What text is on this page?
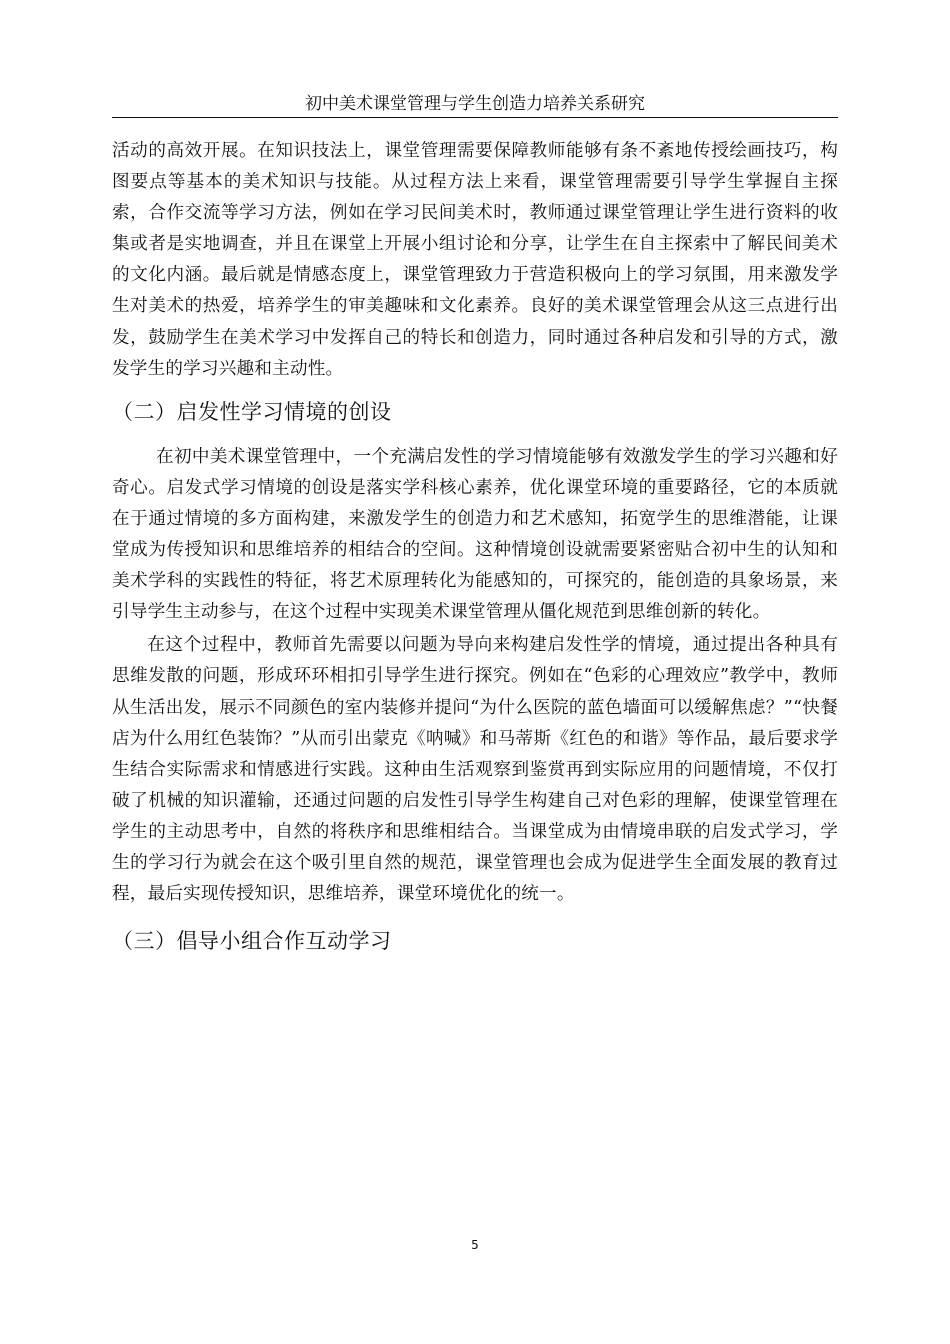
初中美术课堂管理与学生创造力培养关系研究

活动的高效开展。在知识技法上，课堂管理需要保障教师能够有条不紊地传授绘画技巧，构图要点等基本的美术知识与技能。从过程方法上来看，课堂管理需要引导学生掌握自主探索，合作交流等学习方法，例如在学习民间美术时，教师通过课堂管理让学生进行资料的收集或者是实地调查，并且在课堂上开展小组讨论和分享，让学生在自主探索中了解民间美术的文化内涵。最后就是情感态度上，课堂管理致力于营造积极向上的学习氛围，用来激发学生对美术的热爱，培养学生的审美趣味和文化素养。良好的美术课堂管理会从这三点进行出发，鼓励学生在美术学习中发挥自己的特长和创造力，同时通过各种启发和引导的方式，激发学生的学习兴趣和主动性。

（二）启发性学习情境的创设

在初中美术课堂管理中，一个充满启发性的学习情境能够有效激发学生的学习兴趣和好奇心。启发式学习情境的创设是落实学科核心素养，优化课堂环境的重要路径，它的本质就在于通过情境的多方面构建，来激发学生的创造力和艺术感知，拓宽学生的思维潜能，让课堂成为传授知识和思维培养的相结合的空间。这种情境创设就需要紧密贴合初中生的认知和美术学科的实践性的特征，将艺术原理转化为能感知的，可探究的，能创造的具象场景，来引导学生主动参与，在这个过程中实现美术课堂管理从僵化规范到思维创新的转化。

在这个过程中，教师首先需要以问题为导向来构建启发性学的情境，通过提出各种具有思维发散的问题，形成环环相扣引导学生进行探究。例如在“色彩的心理效应”教学中，教师从生活出发，展示不同颜色的室内装修并提问“为什么医院的蓝色墙面可以缓解焦虑？”“快餐店为什么用红色装饰？”从而引出蒙克《呐喊》和马蒂斯《红色的和谐》等作品，最后要求学生结合实际需求和情感进行实践。这种由生活观察到鉴赏再到实际应用的问题情境，不仅打破了机械的知识灌输，还通过问题的启发性引导学生构建自己对色彩的理解，使课堂管理在学生的主动思考中，自然的将秩序和思维相结合。当课堂成为由情境串联的启发式学习，学生的学习行为就会在这个吸引里自然的规范，课堂管理也会成为促进学生全面发展的教育过程，最后实现传授知识，思维培养，课堂环境优化的统一。

（三）倡导小组合作互动学习
5
